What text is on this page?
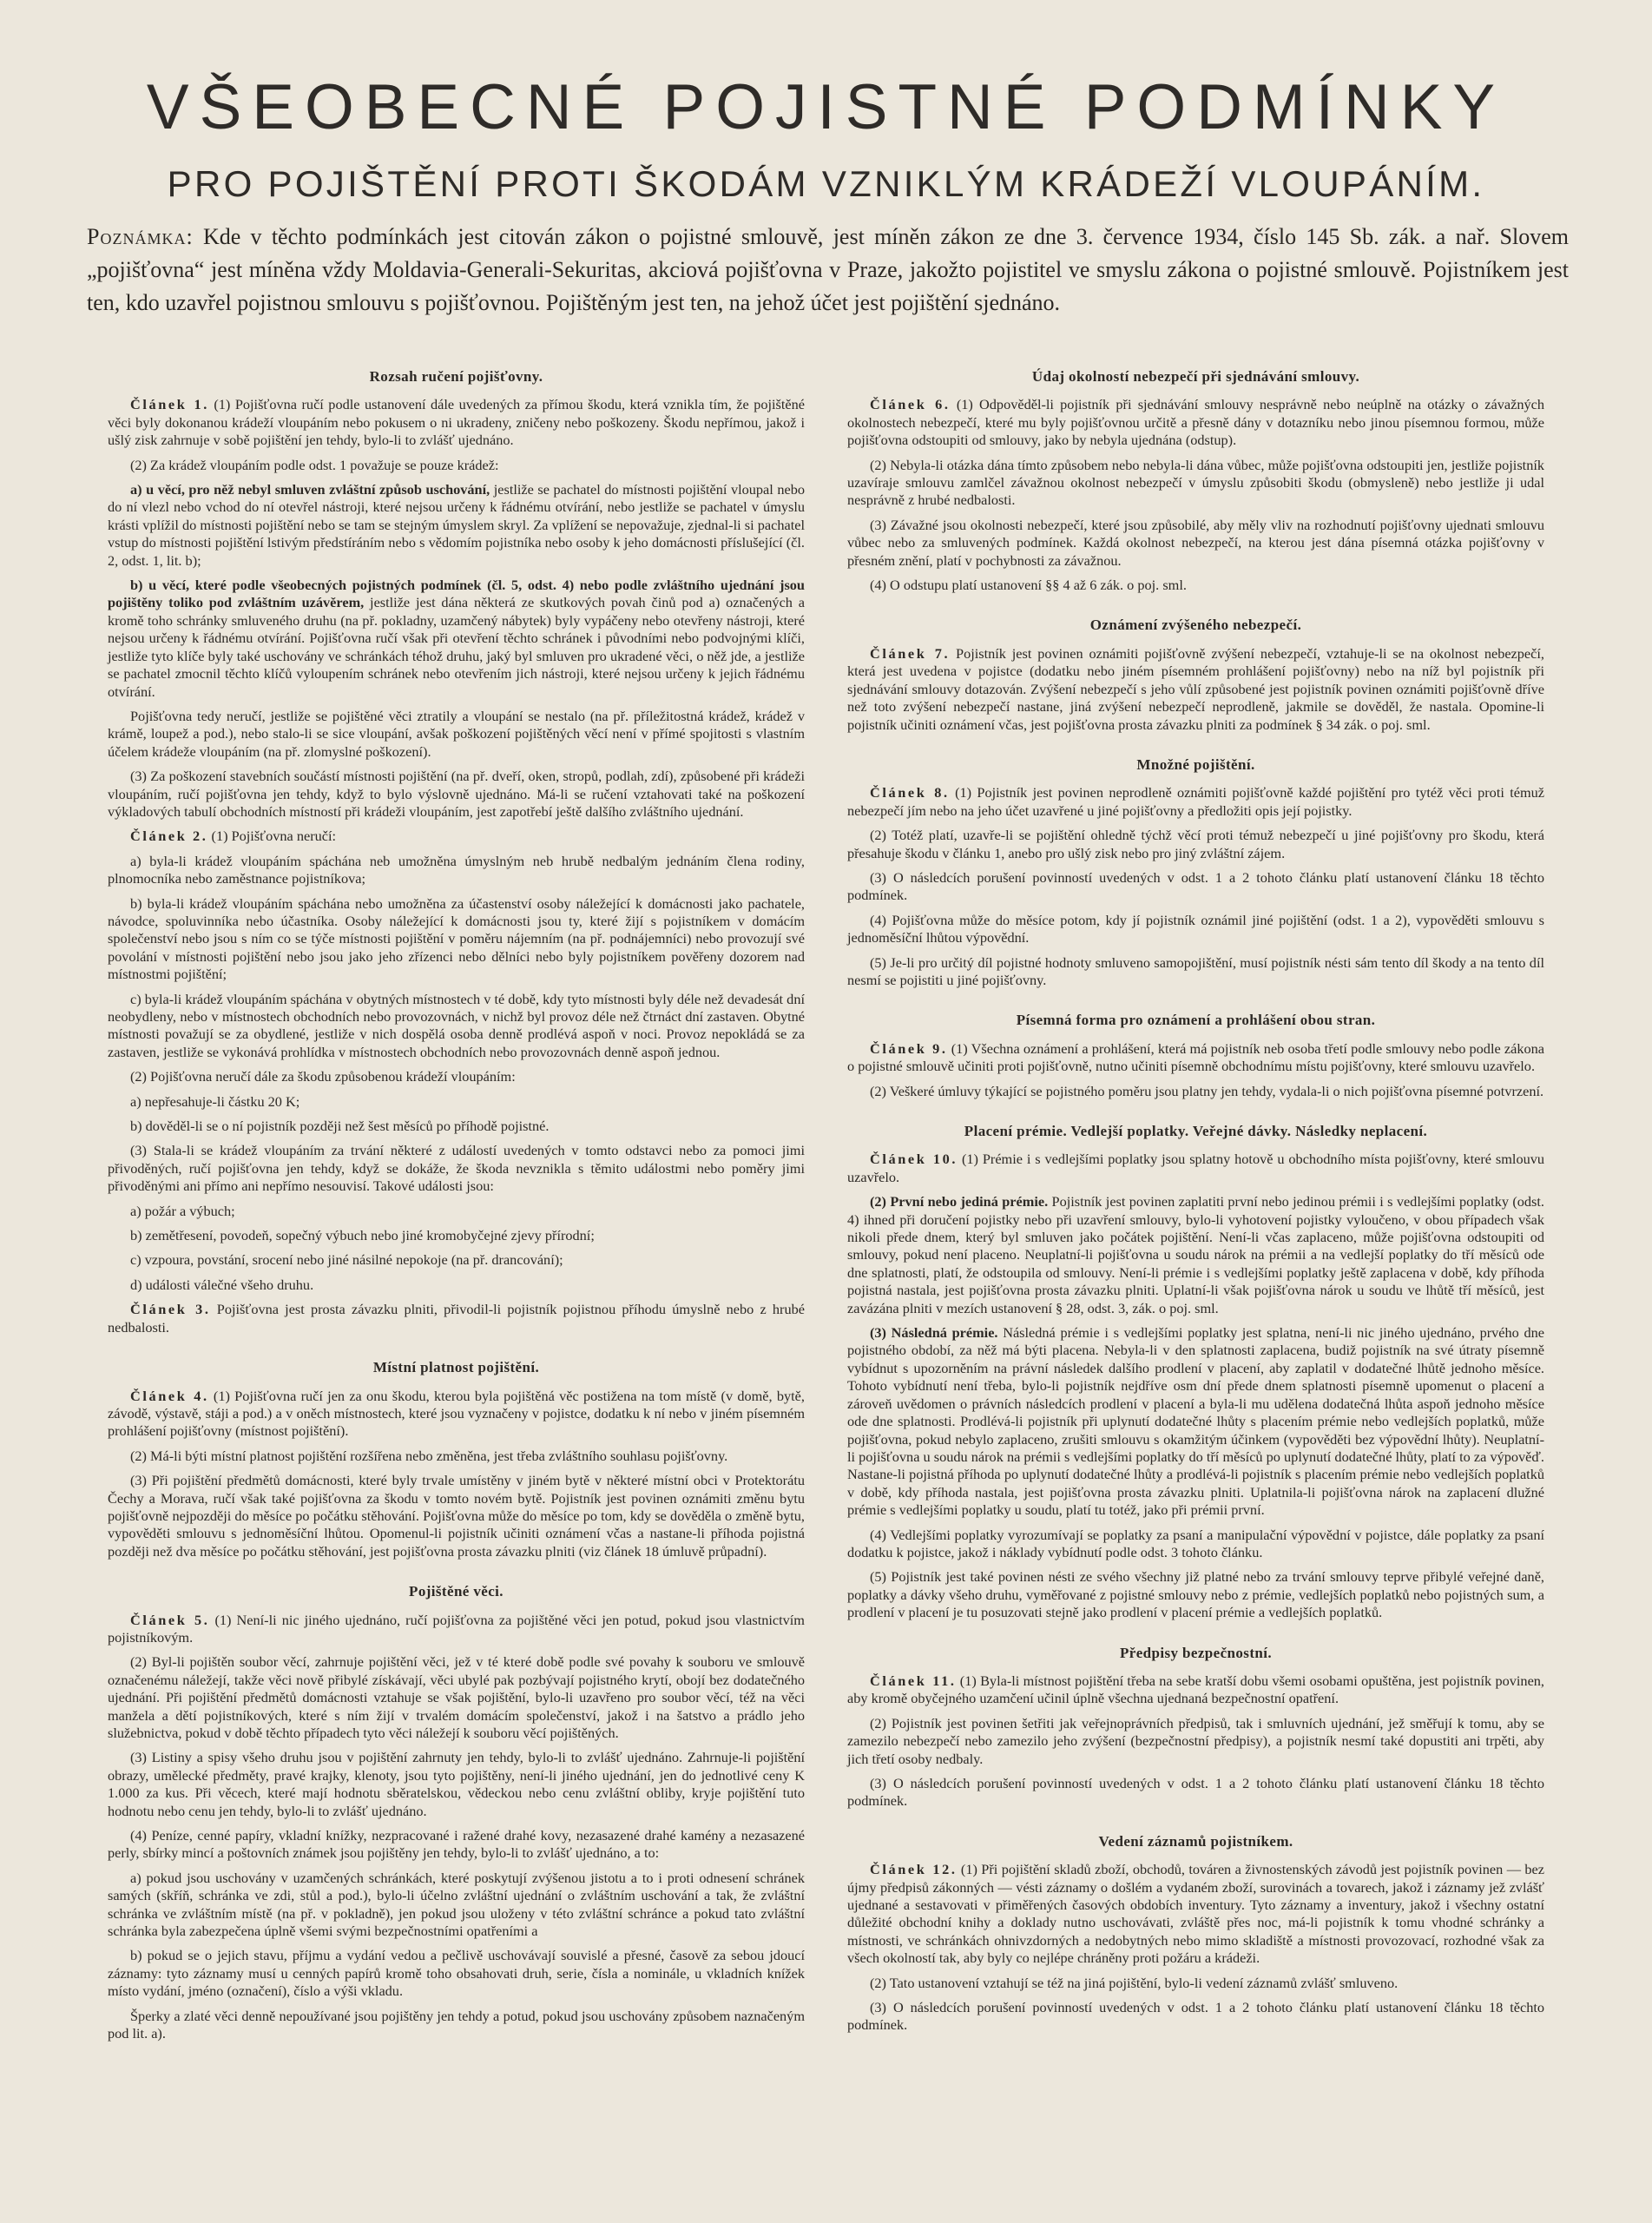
VŠEOBECNÉ POJISTNÉ PODMÍNKY
PRO POJIŠTĚNÍ PROTI ŠKODÁM VZNIKLÝM KRÁDEŽÍ VLOUPÁNÍM.
Poznámka: Kde v těchto podmínkách jest citován zákon o pojistné smlouvě, jest míněn zákon ze dne 3. července 1934, číslo 145 Sb. zák. a nař. Slovem „pojišťovna“ jest míněna vždy Moldavia-Generali-Sekuritas, akciová pojišťovna v Praze, jakožto pojistitel ve smyslu zákona o pojistné smlouvě. Pojistníkem jest ten, kdo uzavřel pojistnou smlouvu s pojišťovnou. Pojištěným jest ten, na jehož účet jest pojištění sjednáno.
Rozsah ručení pojišťovny.

Článek 1. (1) Pojišťovna ručí podle ustanovení dále uvedených za přímou škodu, která vznikla tím, že pojištěné věci byly dokonanou krádeží vloupáním nebo pokusem o ni ukradeny, zničeny nebo poškozeny. Škodu nepřímou, jakož i ušlý zisk zahrnuje v sobě pojištění jen tehdy, bylo-li to zvlášť ujednáno.

(2) Za krádež vloupáním podle odst. 1 považuje se pouze krádež:

a) u věcí, pro něž nebyl smluven zvláštní způsob uschování, jestliže se pachatel do místnosti pojištění vloupal nebo do ní vlezl nebo vchod do ní otevřel nástroji, které nejsou určeny k řádnému otvírání, nebo jestliže se pachatel v úmyslu krásti vplížil do místnosti pojištění nebo se tam se stejným úmyslem skryl. Za vplížení se nepovažuje, zjednal-li si pachatel vstup do místnosti pojištění lstivým předstíráním nebo s vědomím pojistníka nebo osoby k jeho domácnosti příslušející (čl. 2, odst. 1, lit. b);

b) u věcí, které podle všeobecných pojistných podmínek (čl. 5, odst. 4) nebo podle zvláštního ujednání jsou pojištěny toliko pod zvláštním uzávěrem, jestliže jest dána některá ze skutkových povah činů pod a) označených a kromě toho schránky smluveného druhu (na př. pokladny, uzamčený nábytek) byly vypáčeny nebo otevřeny nástroji, které nejsou určeny k řádnému otvírání. Pojišťovna ručí však při otevření těchto schránek i původními nebo podvojnými klíči, jestliže tyto klíče byly také uschovány ve schránkách téhož druhu, jaký byl smluven pro ukradené věci, o něž jde, a jestliže se pachatel zmocnil těchto klíčů vyloupením schránek nebo otevřením jich nástroji, které nejsou určeny k jejich řádnému otvírání.

Pojišťovna tedy neručí, jestliže se pojištěné věci ztratily a vloupání se nestalo (na př. příležitostná krádež, krádež v krámě, loupež a pod.), nebo stalo-li se sice vloupání, avšak poškození pojištěných věcí není v přímé spojitosti s vlastním účelem krádeže vloupáním (na př. zlomyslné poškození).

(3) Za poškození stavebních součástí místnosti pojištění (na př. dveří, oken, stropů, podlah, zdí), způsobené při krádeži vloupáním, ručí pojišťovna jen tehdy, když to bylo výslovně ujednáno. Má-li se ručení vztahovati také na poškození výkladových tabulí obchodních místností při krádeži vloupáním, jest zapotřebí ještě dalšího zvláštního ujednání.

Článek 2. (1) Pojišťovna neručí:

a) byla-li krádež vloupáním spáchána neb umožněna úmyslným neb hrubě nedbalým jednáním člena rodiny, plnomocníka nebo zaměstnance pojistníkova;

b) byla-li krádež vloupáním spáchána nebo umožněna za účastenství osoby náležející k domácnosti jako pachatele, návodce, spoluvinníka nebo účastníka. Osoby náležející k domácnosti jsou ty, které žijí s pojistníkem v domácím společenství nebo jsou s ním co se týče místnosti pojištění v poměru nájemním (na př. podnájemníci) nebo provozují své povolání v místnosti pojištění nebo jsou jako jeho zřízenci nebo dělníci nebo byly pojistníkem pověřeny dozorem nad místnostmi pojištění;

c) byla-li krádež vloupáním spáchána v obytných místnostech v té době, kdy tyto místnosti byly déle než devadesát dní neobydleny, nebo v místnostech obchodních nebo provozovnách, v nichž byl provoz déle než čtrnáct dní zastaven. Obytné místnosti považují se za obydlené, jestliže v nich dospělá osoba denně prodlévá aspoň v noci. Provoz nepokládá se za zastaven, jestliže se vykonává prohlídka v místnostech obchodních nebo provozovnách denně aspoň jednou.

(2) Pojišťovna neručí dále za škodu způsobenou krádeží vloupáním:

a) nepřesahuje-li částku 20 K;

b) dověděl-li se o ní pojistník později než šest měsíců po příhodě pojistné.

(3) Stala-li se krádež vloupáním za trvání některé z událostí uvedených v tomto odstavci nebo za pomoci jimi přivoděných, ručí pojišťovna jen tehdy, když se dokáže, že škoda nevznikla s těmito událostmi nebo poměry jimi přivoděnými ani přímo ani nepřímo nesouvisí. Takové události jsou:

a) požár a výbuch;

b) zemětřesení, povodeň, sopečný výbuch nebo jiné kromobyčejné zjevy přírodní;

c) vzpoura, povstání, srocení nebo jiné násilné nepokoje (na př. drancování);

d) události válečné všeho druhu.

Článek 3. Pojišťovna jest prosta závazku plniti, přivodil-li pojistník pojistnou příhodu úmyslně nebo z hrubé nedbalosti.

Místní platnost pojištění.

Článek 4. (1) Pojišťovna ručí jen za onu škodu, kterou byla pojištěná věc postižena na tom místě (v domě, bytě, závodě, výstavě, stáji a pod.) a v oněch místnostech, které jsou vyznačeny v pojistce, dodatku k ní nebo v jiném písemném prohlášení pojišťovny (místnost pojištění).

(2) Má-li býti místní platnost pojištění rozšířena nebo změněna, jest třeba zvláštního souhlasu pojišťovny.

(3) Při pojištění předmětů domácnosti, které byly trvale umístěny v jiném bytě v některé místní obci v Protektorátu Čechy a Morava, ručí však také pojišťovna za škodu v tomto novém bytě. Pojistník jest povinen oznámiti změnu bytu pojišťovně nejpozději do měsíce po počátku stěhování. Pojišťovna může do měsíce po tom, kdy se dověděla o změně bytu, vypověděti smlouvu s jednoměsíční lhůtou. Opomenul-li pojistník učiniti oznámení včas a nastane-li příhoda pojistná později než dva měsíce po počátku stěhování, jest pojišťovna prosta závazku plniti (viz článek 18 úmluvě průpadní).

Pojištěné věci.

Článek 5. (1) Není-li nic jiného ujednáno, ručí pojišťovna za pojištěné věci jen potud, pokud jsou vlastnictvím pojistníkovým.

(2) Byl-li pojištěn soubor věcí, zahrnuje pojištění věci, jež v té které době podle své povahy k souboru ve smlouvě označenému náležejí, takže věci nově přibylé získávají, věci ubylé pak pozbývají pojistného krytí, obojí bez dodatečného ujednání. Při pojištění předmětů domácnosti vztahuje se však pojištění, bylo-li uzavřeno pro soubor věcí, též na věci manžela a dětí pojistníkových, které s ním žijí v trvalém domácím společenství, jakož i na šatstvo a prádlo jeho služebnictva, pokud v době těchto případech tyto věci náležejí k souboru věcí pojištěných.

(3) Listiny a spisy všeho druhu jsou v pojištění zahrnuty jen tehdy, bylo-li to zvlášť ujednáno. Zahrnuje-li pojištění obrazy, umělecké předměty, pravé krajky, klenoty, jsou tyto pojištěny, není-li jiného ujednání, jen do jednotlivé ceny K 1.000 za kus. Při věcech, které mají hodnotu sběratelskou, vědeckou nebo cenu zvláštní obliby, kryje pojištění tuto hodnotu nebo cenu jen tehdy, bylo-li to zvlášť ujednáno.

(4) Peníze, cenné papíry, vkladní knížky, nezpracované i ražené drahé kovy, nezasazené drahé kamény a nezasazené perly, sbírky mincí a poštovních známek jsou pojištěny jen tehdy, bylo-li to zvlášť ujednáno, a to:

a) pokud jsou uschovány v uzamčených schránkách, které poskytují zvýšenou jistotu a to i proti odnesení schránek samých (skříň, schránka ve zdi, stůl a pod.), bylo-li účelno zvláštní ujednání o zvláštním uschování a tak, že zvláštní schránka ve zvláštním místě (na př. v pokladně), jen pokud jsou uloženy v této zvláštní schránce a pokud tato zvláštní schránka byla zabezpečena úplně všemi svými bezpečnostními opatřeními a

b) pokud se o jejich stavu, příjmu a vydání vedou a pečlivě uschovávají souvislé a přesné, časově za sebou jdoucí záznamy: tyto záznamy musí u cenných papírů kromě toho obsahovati druh, serie, čísla a nominále, u vkladních knížek místo vydání, jméno (označení), číslo a výši vkladu.

Šperky a zlaté věci denně nepoužívané jsou pojištěny jen tehdy a potud, pokud jsou uschovány způsobem naznačeným pod lit. a).

Údaj okolností nebezpečí při sjednávání smlouvy.

Článek 6. (1) Odpověděl-li pojistník při sjednávání smlouvy nesprávně nebo neúplně na otázky o závažných okolnostech nebezpečí, které mu byly pojišťovnou určitě a přesně dány v dotazníku nebo jinou písemnou formou, může pojišťovna odstoupiti od smlouvy, jako by nebyla ujednána (odstup).

(2) Nebyla-li otázka dána tímto způsobem nebo nebyla-li dána vůbec, může pojišťovna odstoupiti jen, jestliže pojistník uzavíraje smlouvu zamlčel závažnou okolnost nebezpečí v úmyslu způsobiti škodu (obmysleně) nebo jestliže ji udal nesprávně z hrubé nedbalosti.

(3) Závažné jsou okolnosti nebezpečí, které jsou způsobilé, aby měly vliv na rozhodnutí pojišťovny ujednati smlouvu vůbec nebo za smluvených podmínek. Každá okolnost nebezpečí, na kterou jest dána písemná otázka pojišťovny v přesném znění, platí v pochybnosti za závažnou.

(4) O odstupu platí ustanovení §§ 4 až 6 zák. o poj. sml.

Oznámení zvýšeného nebezpečí.

Článek 7. Pojistník jest povinen oznámiti pojišťovně zvýšení nebezpečí, vztahuje-li se na okolnost nebezpečí, která jest uvedena v pojistce (dodatku nebo jiném písemném prohlášení pojišťovny) nebo na níž byl pojistník při sjednávání smlouvy dotazován. Zvýšení nebezpečí s jeho vůlí způsobené jest pojistník povinen oznámiti pojišťovně dříve než toto zvýšení nebezpečí nastane, jiná zvýšení nebezpečí neprodleně, jakmile se dověděl, že nastala. Opomine-li pojistník učiniti oznámení včas, jest pojišťovna prosta závazku plniti za podmínek § 34 zák. o poj. sml.

Množné pojištění.

Článek 8. (1) Pojistník jest povinen neprodleně oznámiti pojišťovně každé pojištění pro tytéž věci proti témuž nebezpečí jím nebo na jeho účet uzavřené u jiné pojišťovny a předložiti opis její pojistky.

(2) Totéž platí, uzavře-li se pojištění ohledně týchž věcí proti témuž nebezpečí u jiné pojišťovny pro škodu, která přesahuje škodu v článku 1, anebo pro ušlý zisk nebo pro jiný zvláštní zájem.

(3) O následcích porušení povinností uvedených v odst. 1 a 2 tohoto článku platí ustanovení článku 18 těchto podmínek.

(4) Pojišťovna může do měsíce potom, kdy jí pojistník oznámil jiné pojištění (odst. 1 a 2), vypověděti smlouvu s jednoměsíční lhůtou výpovědní.

(5) Je-li pro určitý díl pojistné hodnoty smluveno samopojištění, musí pojistník nésti sám tento díl škody a na tento díl nesmí se pojistiti u jiné pojišťovny.

Písemná forma pro oznámení a prohlášení obou stran.

Článek 9. (1) Všechna oznámení a prohlášení, která má pojistník neb osoba třetí podle smlouvy nebo podle zákona o pojistné smlouvě učiniti proti pojišťovně, nutno učiniti písemně obchodnímu místu pojišťovny, které smlouvu uzavřelo.

(2) Veškeré úmluvy týkající se pojistného poměru jsou platny jen tehdy, vydala-li o nich pojišťovna písemné potvrzení.

Placení prémie. Vedlejší poplatky. Veřejné dávky. Následky neplacení.

Článek 10. (1) Prémie i s vedlejšími poplatky jsou splatny hotově u obchodního místa pojišťovny, které smlouvu uzavřelo.

(2) První nebo jediná prémie. Pojistník jest povinen zaplatiti první nebo jedinou prémii i s vedlejšími poplatky (odst. 4) ihned při doručení pojistky nebo při uzavření smlouvy, bylo-li vyhotovení pojistky vyloučeno, v obou případech však nikoli přede dnem, který byl smluven jako počátek pojištění. Není-li včas zaplaceno, může pojišťovna odstoupiti od smlouvy, pokud není placeno. Neuplatní-li pojišťovna u soudu nárok na prémii a na vedlejší poplatky do tří měsíců ode dne splatnosti, platí, že odstoupila od smlouvy. Není-li prémie i s vedlejšími poplatky ještě zaplacena v době, kdy příhoda pojistná nastala, jest pojišťovna prosta závazku plniti. Uplatní-li však pojišťovna nárok u soudu ve lhůtě tří měsíců, jest zavázána plniti v mezích ustanovení § 28, odst. 3, zák. o poj. sml.

(3) Následná prémie. Následná prémie i s vedlejšími poplatky jest splatna, není-li nic jiného ujednáno, prvého dne pojistného období, za něž má býti placena. Nebyla-li v den splatnosti zaplacena, budiž pojistník na své útraty písemně vybídnut s upozorněním na právní následek dalšího prodlení v placení, aby zaplatil v dodatečné lhůtě jednoho měsíce. Tohoto vybídnutí není třeba, bylo-li pojistník nejdříve osm dní přede dnem splatnosti písemně upomenut o placení a zároveň uvědomen o právních následcích prodlení v placení a byla-li mu udělena dodatečná lhůta aspoň jednoho měsíce ode dne splatnosti. Prodlévá-li pojistník při uplynutí dodatečné lhůty s placením prémie nebo vedlejších poplatků, může pojišťovna, pokud nebylo zaplaceno, zrušiti smlouvu s okamžitým účinkem (vypověděti bez výpovědní lhůty). Neuplatní-li pojišťovna u soudu nárok na prémii s vedlejšími poplatky do tří měsíců po uplynutí dodatečné lhůty, platí to za výpověď. Nastane-li pojistná příhoda po uplynutí dodatečné lhůty a prodlévá-li pojistník s placením prémie nebo vedlejších poplatků v době, kdy příhoda nastala, jest pojišťovna prosta závazku plniti. Uplatnila-li pojišťovna nárok na zaplacení dlužné prémie s vedlejšími poplatky u soudu, platí tu totéž, jako při prémii první.

(4) Vedlejšími poplatky vyrozumívají se poplatky za psaní a manipulační výpovědní v pojistce, dále poplatky za psaní dodatku k pojistce, jakož i náklady vybídnutí podle odst. 3 tohoto článku.

(5) Pojistník jest také povinen nésti ze svého všechny již platné nebo za trvání smlouvy teprve přibylé veřejné daně, poplatky a dávky všeho druhu, vyměřované z pojistné smlouvy nebo z prémie, vedlejších poplatků nebo pojistných sum, a prodlení v placení je tu posuzovati stejně jako prodlení v placení prémie a vedlejších poplatků.

Předpisy bezpečnostní.

Článek 11. (1) Byla-li místnost pojištění třeba na sebe kratší dobu všemi osobami opuštěna, jest pojistník povinen, aby kromě obyčejného uzamčení učinil úplně všechna ujednaná bezpečnostní opatření.

(2) Pojistník jest povinen šetřiti jak veřejnoprávních předpisů, tak i smluvních ujednání, jež směřují k tomu, aby se zamezilo nebezpečí nebo zamezilo jeho zvýšení (bezpečnostní předpisy), a pojistník nesmí také dopustiti ani trpěti, aby jich třetí osoby nedbaly.

(3) O následcích porušení povinností uvedených v odst. 1 a 2 tohoto článku platí ustanovení článku 18 těchto podmínek.

Vedení záznamů pojistníkem.

Článek 12. (1) Při pojištění skladů zboží, obchodů, továren a živnostenských závodů jest pojistník povinen — bez újmy předpisů zákonných — vésti záznamy o došlém a vydaném zboží, surovinách a tovarech, jakož i záznamy jež zvlášť ujednané a sestavovati v přiměřených časových obdobích inventury. Tyto záznamy a inventury, jakož i všechny ostatní důležité obchodní knihy a doklady nutno uschovávati, zvláště přes noc, má-li pojistník k tomu vhodné schránky a místnosti, ve schránkách ohnivzdorných a nedobytných nebo mimo skladiště a místnosti provozovací, rozhodné však za všech okolností tak, aby byly co nejlépe chráněny proti požáru a krádeži.

(2) Tato ustanovení vztahují se též na jiná pojištění, bylo-li vedení záznamů zvlášť smluveno.

(3) O následcích porušení povinností uvedených v odst. 1 a 2 tohoto článku platí ustanovení článku 18 těchto podmínek.
